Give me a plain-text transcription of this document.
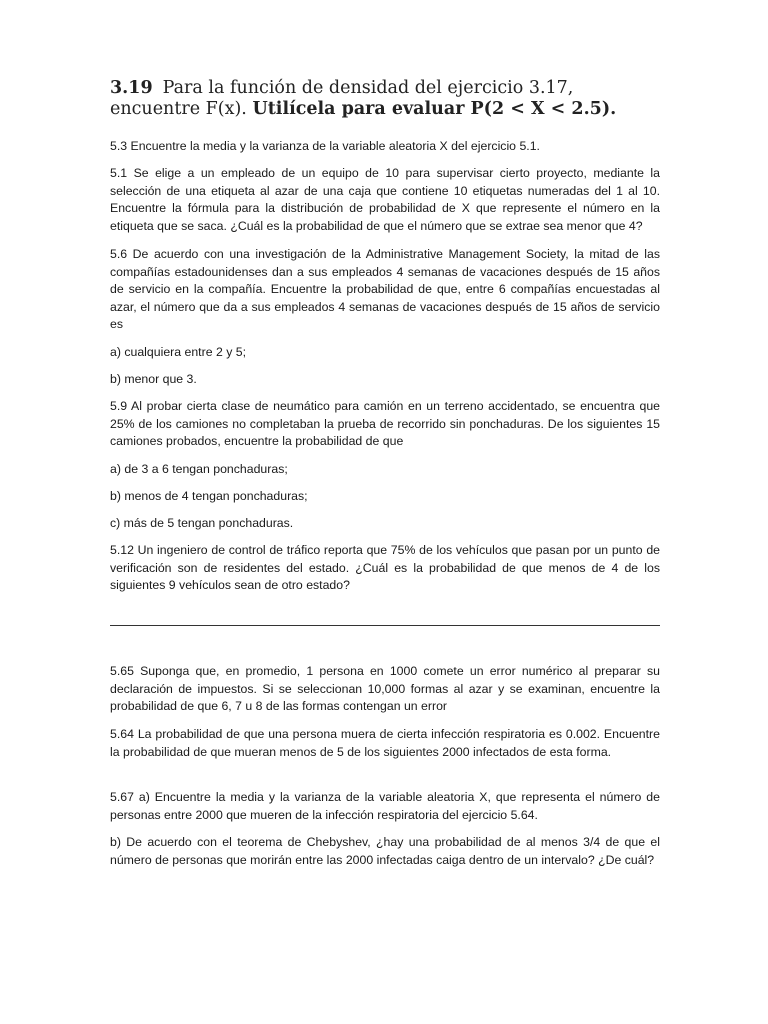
3.19 Para la función de densidad del ejercicio 3.17,
encuentre F(x). Utilícela para evaluar P(2 < X < 2.5).

5.3 Encuentre la media y la varianza de la variable aleatoria X del ejercicio 5.1.

5.1 Se elige a un empleado de un equipo de 10 para supervisar cierto proyecto, mediante la selección de una etiqueta al azar de una caja que contiene 10 etiquetas numeradas del 1 al 10. Encuentre la fórmula para la distribución de probabilidad de X que represente el número en la etiqueta que se saca. ¿Cuál es la probabilidad de que el número que se extrae sea menor que 4?

5.6 De acuerdo con una investigación de la Administrative Management Society, la mitad de las compañías estadounidenses dan a sus empleados 4 semanas de vacaciones después de 15 años de servicio en la compañía. Encuentre la probabilidad de que, entre 6 compañías encuestadas al azar, el número que da a sus empleados 4 semanas de vacaciones después de 15 años de servicio es

a) cualquiera entre 2 y 5;

b) menor que 3.

5.9 Al probar cierta clase de neumático para camión en un terreno accidentado, se encuentra que 25% de los camiones no completaban la prueba de recorrido sin ponchaduras. De los siguientes 15 camiones probados, encuentre la probabilidad de que

a) de 3 a 6 tengan ponchaduras;

b) menos de 4 tengan ponchaduras;

c) más de 5 tengan ponchaduras.

5.12 Un ingeniero de control de tráfico reporta que 75% de los vehículos que pasan por un punto de verificación son de residentes del estado. ¿Cuál es la probabilidad de que menos de 4 de los siguientes 9 vehículos sean de otro estado?

5.65 Suponga que, en promedio, 1 persona en 1000 comete un error numérico al preparar su declaración de impuestos. Si se seleccionan 10,000 formas al azar y se examinan, encuentre la probabilidad de que 6, 7 u 8 de las formas contengan un error

5.64 La probabilidad de que una persona muera de cierta infección respiratoria es 0.002. Encuentre la probabilidad de que mueran menos de 5 de los siguientes 2000 infectados de esta forma.

5.67 a) Encuentre la media y la varianza de la variable aleatoria X, que representa el número de personas entre 2000 que mueren de la infección respiratoria del ejercicio 5.64.

b) De acuerdo con el teorema de Chebyshev, ¿hay una probabilidad de al menos 3/4 de que el número de personas que morirán entre las 2000 infectadas caiga dentro de un intervalo? ¿De cuál?
